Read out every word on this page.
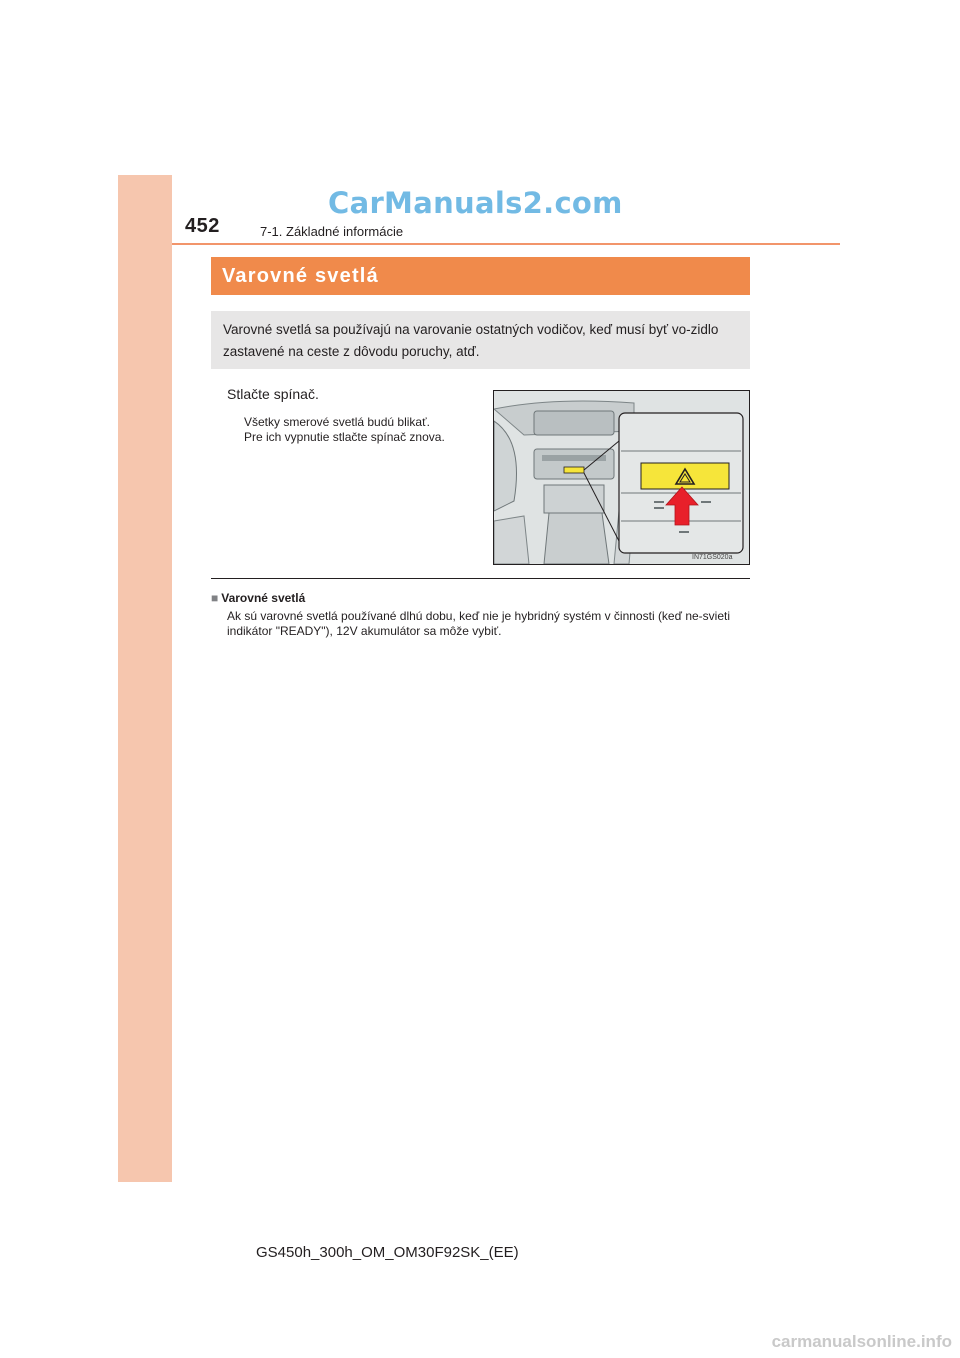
452	7-1. Základné informácie
CarManuals2.com
Varovné svetlá
Varovné svetlá sa používajú na varovanie ostatných vodičov, keď musí byť vo-zidlo zastavené na ceste z dôvodu poruchy, atď.
Stlačte spínač.
Všetky smerové svetlá budú blikať.
Pre ich vypnutie stlačte spínač znova.
IN71GS020a
■ Varovné svetlá
Ak sú varovné svetlá používané dlhú dobu, keď nie je hybridný systém v činnosti (keď ne-svieti indikátor "READY"), 12V akumulátor sa môže vybiť.
GS450h_300h_OM_OM30F92SK_(EE)
carmanualsonline.info
